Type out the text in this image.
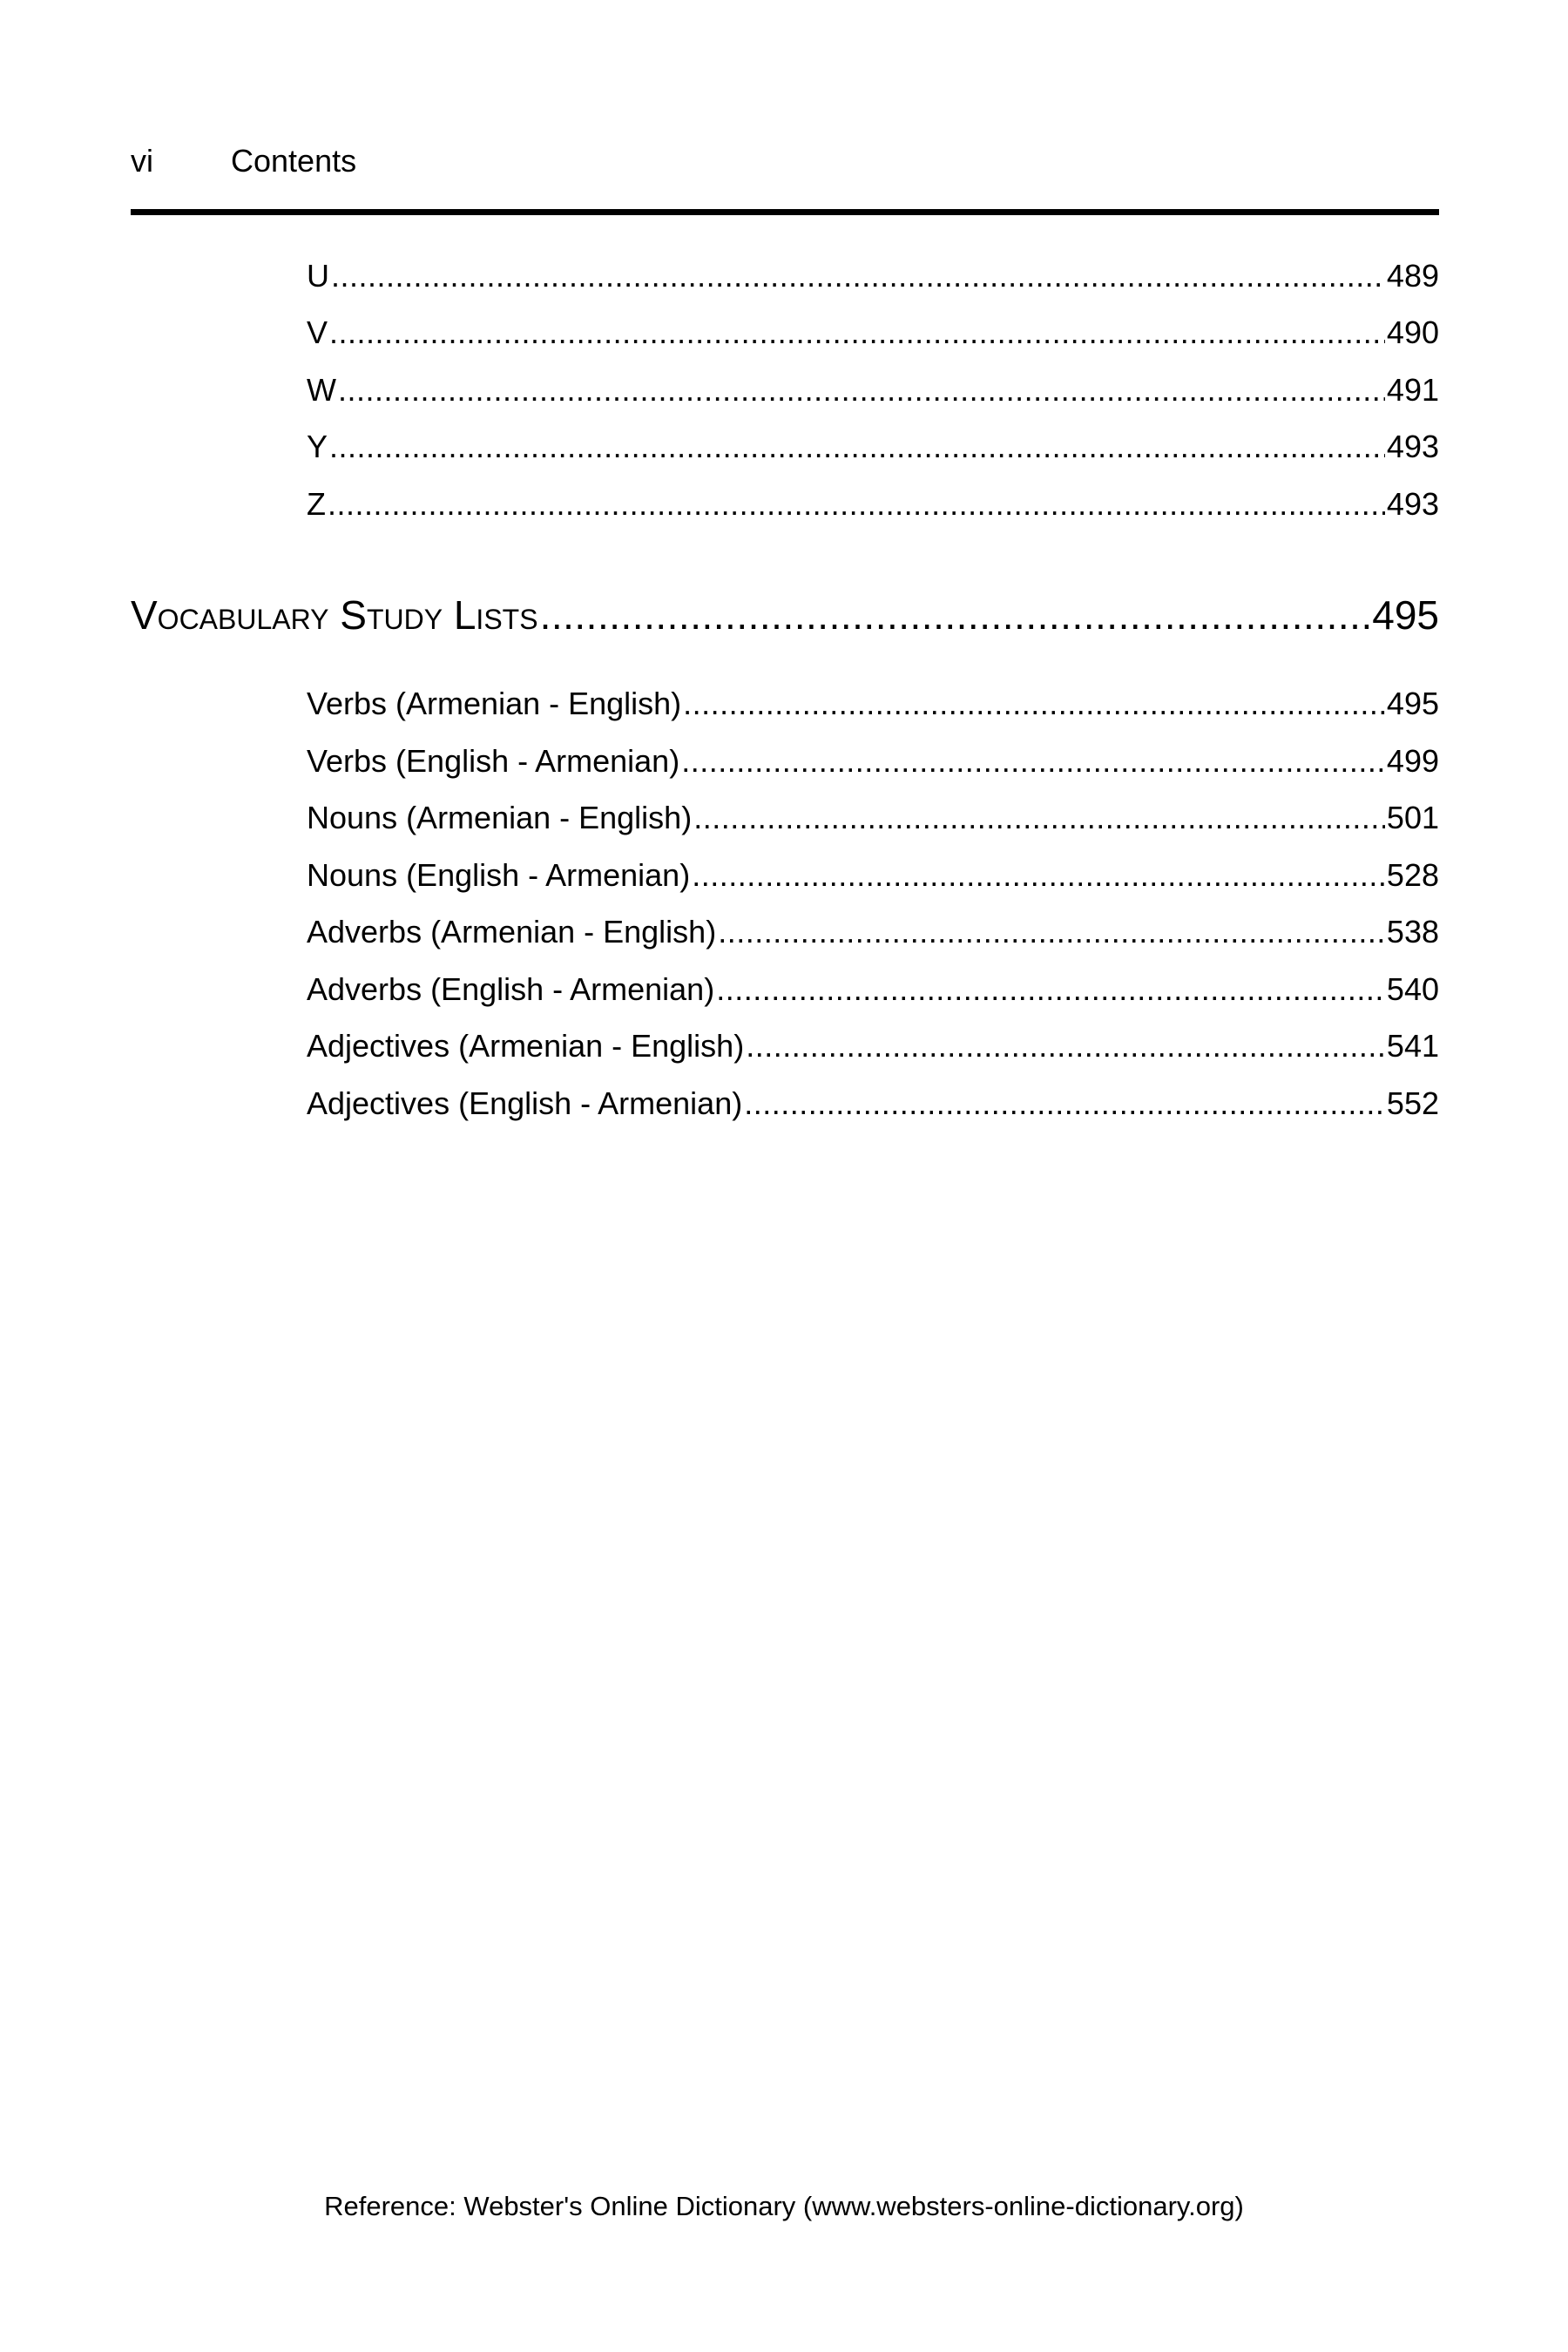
vi Contents
U .....	489
V .....	490
W .....	491
Y .....	493
Z .....	493
Vocabulary Study Lists .....	495
Verbs (Armenian - English) .....	495
Verbs (English - Armenian) .....	499
Nouns (Armenian - English) .....	501
Nouns (English - Armenian) .....	528
Adverbs (Armenian - English) .....	538
Adverbs (English - Armenian) .....	540
Adjectives (Armenian - English) .....	541
Adjectives (English - Armenian) .....	552
Reference: Webster's Online Dictionary (www.websters-online-dictionary.org)
